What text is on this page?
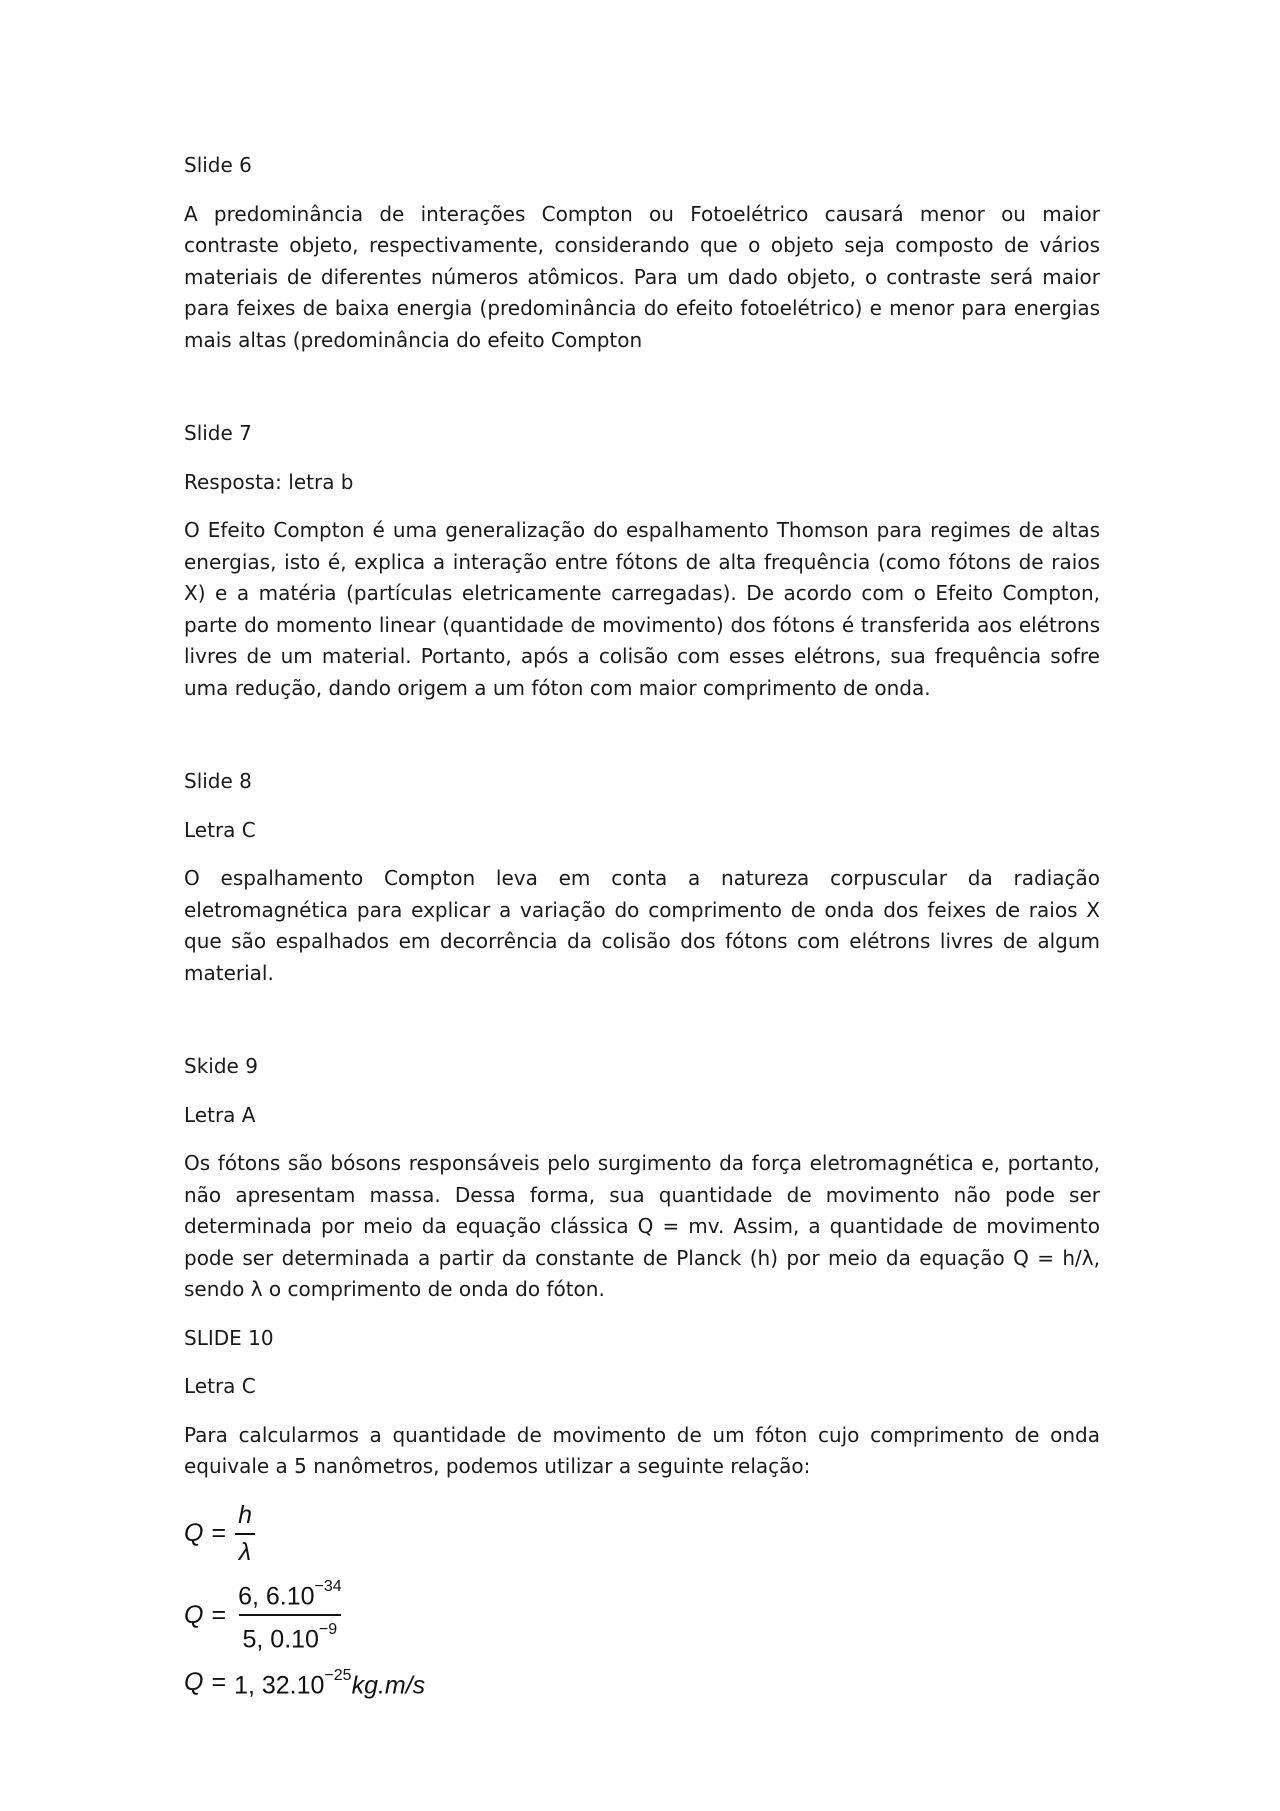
Slide 6

A predominância de interações Compton ou Fotoelétrico causará menor ou maior contraste objeto, respectivamente, considerando que o objeto seja composto de vários materiais de diferentes números atômicos. Para um dado objeto, o contraste será maior para feixes de baixa energia (predominância do efeito fotoelétrico) e menor para energias mais altas (predominância do efeito Compton

Slide 7

Resposta: letra b

O Efeito Compton é uma generalização do espalhamento Thomson para regimes de altas energias, isto é, explica a interação entre fótons de alta frequência (como fótons de raios X) e a matéria (partículas eletricamente carregadas). De acordo com o Efeito Compton, parte do momento linear (quantidade de movimento) dos fótons é transferida aos elétrons livres de um material. Portanto, após a colisão com esses elétrons, sua frequência sofre uma redução, dando origem a um fóton com maior comprimento de onda.

Slide 8

Letra C

O espalhamento Compton leva em conta a natureza corpuscular da radiação eletromagnética para explicar a variação do comprimento de onda dos feixes de raios X que são espalhados em decorrência da colisão dos fótons com elétrons livres de algum material.

Skide 9

Letra A

Os fótons são bósons responsáveis pelo surgimento da força eletromagnética e, portanto, não apresentam massa. Dessa forma, sua quantidade de movimento não pode ser determinada por meio da equação clássica Q = mv. Assim, a quantidade de movimento pode ser determinada a partir da constante de Planck (h) por meio da equação Q = h/λ, sendo λ o comprimento de onda do fóton.

SLIDE 10

Letra C

Para calcularmos a quantidade de movimento de um fóton cujo comprimento de onda equivale a 5 nanômetros, podemos utilizar a seguinte relação:

$Q = \frac{h}{\lambda}$
$Q = \frac{6, 6.10^{-34}}{5, 0.10^{-9}}$
Q = 1, $32.10^{-25}kg.m/s$
